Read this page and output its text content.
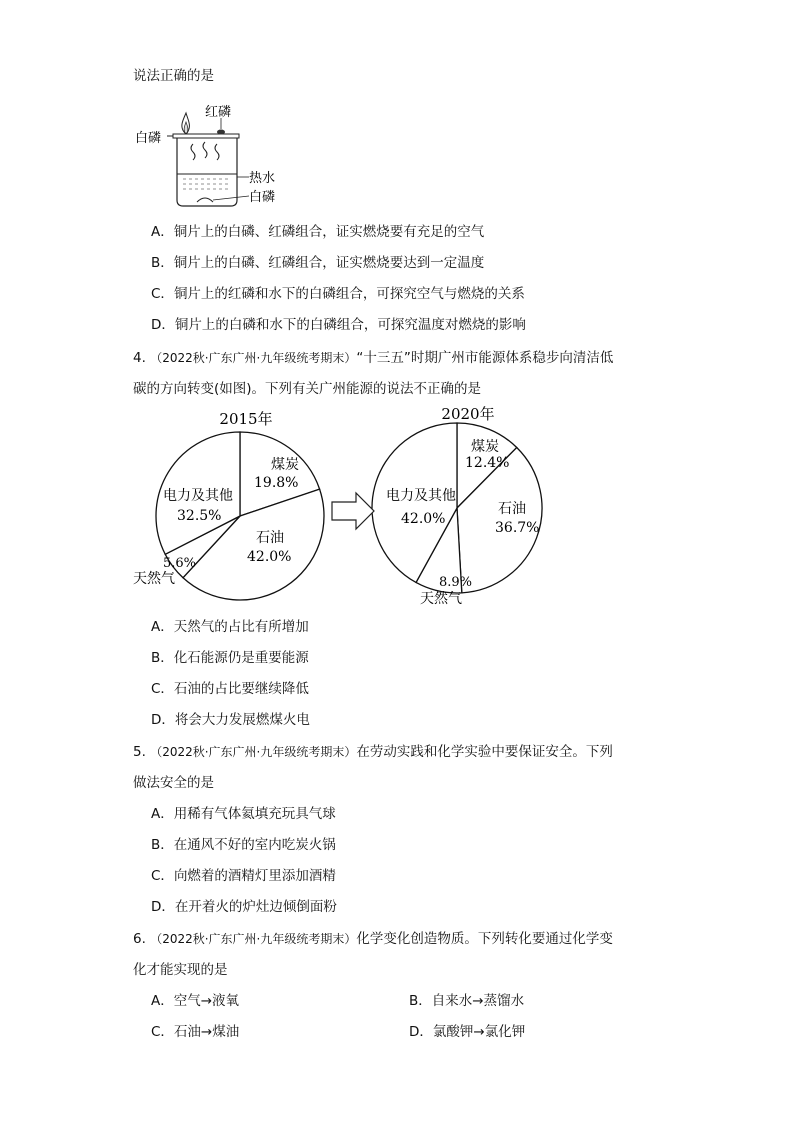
说法正确的是
红磷
白磷
热水
白磷
A．铜片上的白磷、红磷组合，证实燃烧要有充足的空气
B．铜片上的白磷、红磷组合，证实燃烧要达到一定温度
C．铜片上的红磷和水下的白磷组合，可探究空气与燃烧的关系
D．铜片上的白磷和水下的白磷组合，可探究温度对燃烧的影响
4. （2022秋·广东广州·九年级统考期末）“十三五”时期广州市能源体系稳步向清洁低
碳的方向转变(如图)。下列有关广州能源的说法不正确的是
2015年	2020年
煤炭
19.8%
石油
42.0%
电力及其他
32.5%
5.6%
天然气
煤炭
12.4%
石油
36.7%
电力及其他
42.0%
8.9%
天然气
A．天然气的占比有所增加
B．化石能源仍是重要能源
C．石油的占比要继续降低
D．将会大力发展燃煤火电
5. （2022秋·广东广州·九年级统考期末）在劳动实践和化学实验中要保证安全。下列
做法安全的是
A．用稀有气体氦填充玩具气球
B．在通风不好的室内吃炭火锅
C．向燃着的酒精灯里添加酒精
D．在开着火的炉灶边倾倒面粉
6. （2022秋·广东广州·九年级统考期末）化学变化创造物质。下列转化要通过化学变
化才能实现的是
A．空气→液氧	B．自来水→蒸馏水
C．石油→煤油	D．氯酸钾→氯化钾
